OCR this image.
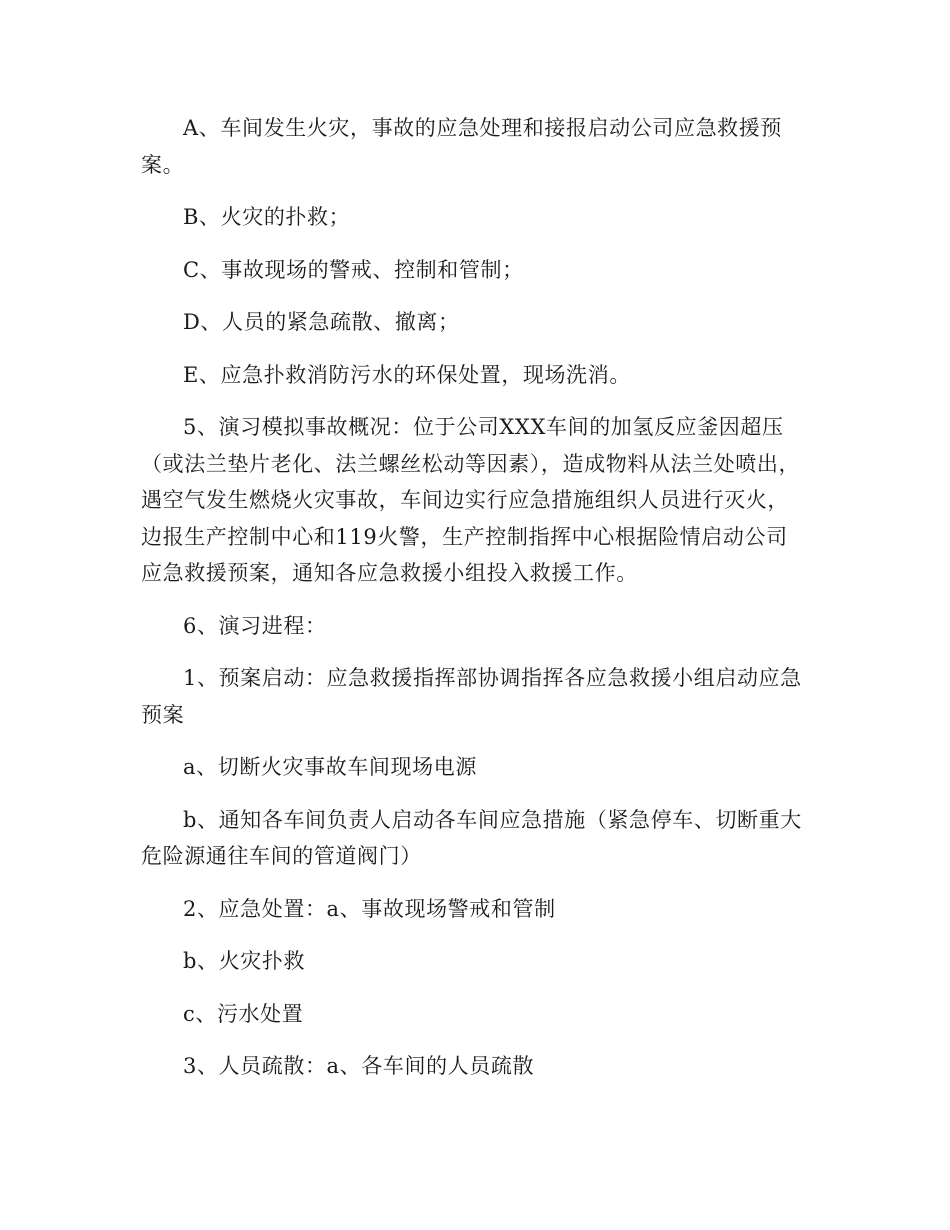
A、车间发生火灾，事故的应急处理和接报启动公司应急救援预案。

B、火灾的扑救；

C、事故现场的警戒、控制和管制；

D、人员的紧急疏散、撤离；

E、应急扑救消防污水的环保处置，现场洗消。

5、演习模拟事故概况：位于公司XXX车间的加氢反应釜因超压（或法兰垫片老化、法兰螺丝松动等因素），造成物料从法兰处喷出，遇空气发生燃烧火灾事故，车间边实行应急措施组织人员进行灭火，边报生产控制中心和119火警，生产控制指挥中心根据险情启动公司应急救援预案，通知各应急救援小组投入救援工作。

6、演习进程：

1、预案启动：应急救援指挥部协调指挥各应急救援小组启动应急预案

a、切断火灾事故车间现场电源

b、通知各车间负责人启动各车间应急措施（紧急停车、切断重大危险源通往车间的管道阀门）

2、应急处置：a、事故现场警戒和管制

b、火灾扑救

c、污水处置

3、人员疏散：a、各车间的人员疏散
